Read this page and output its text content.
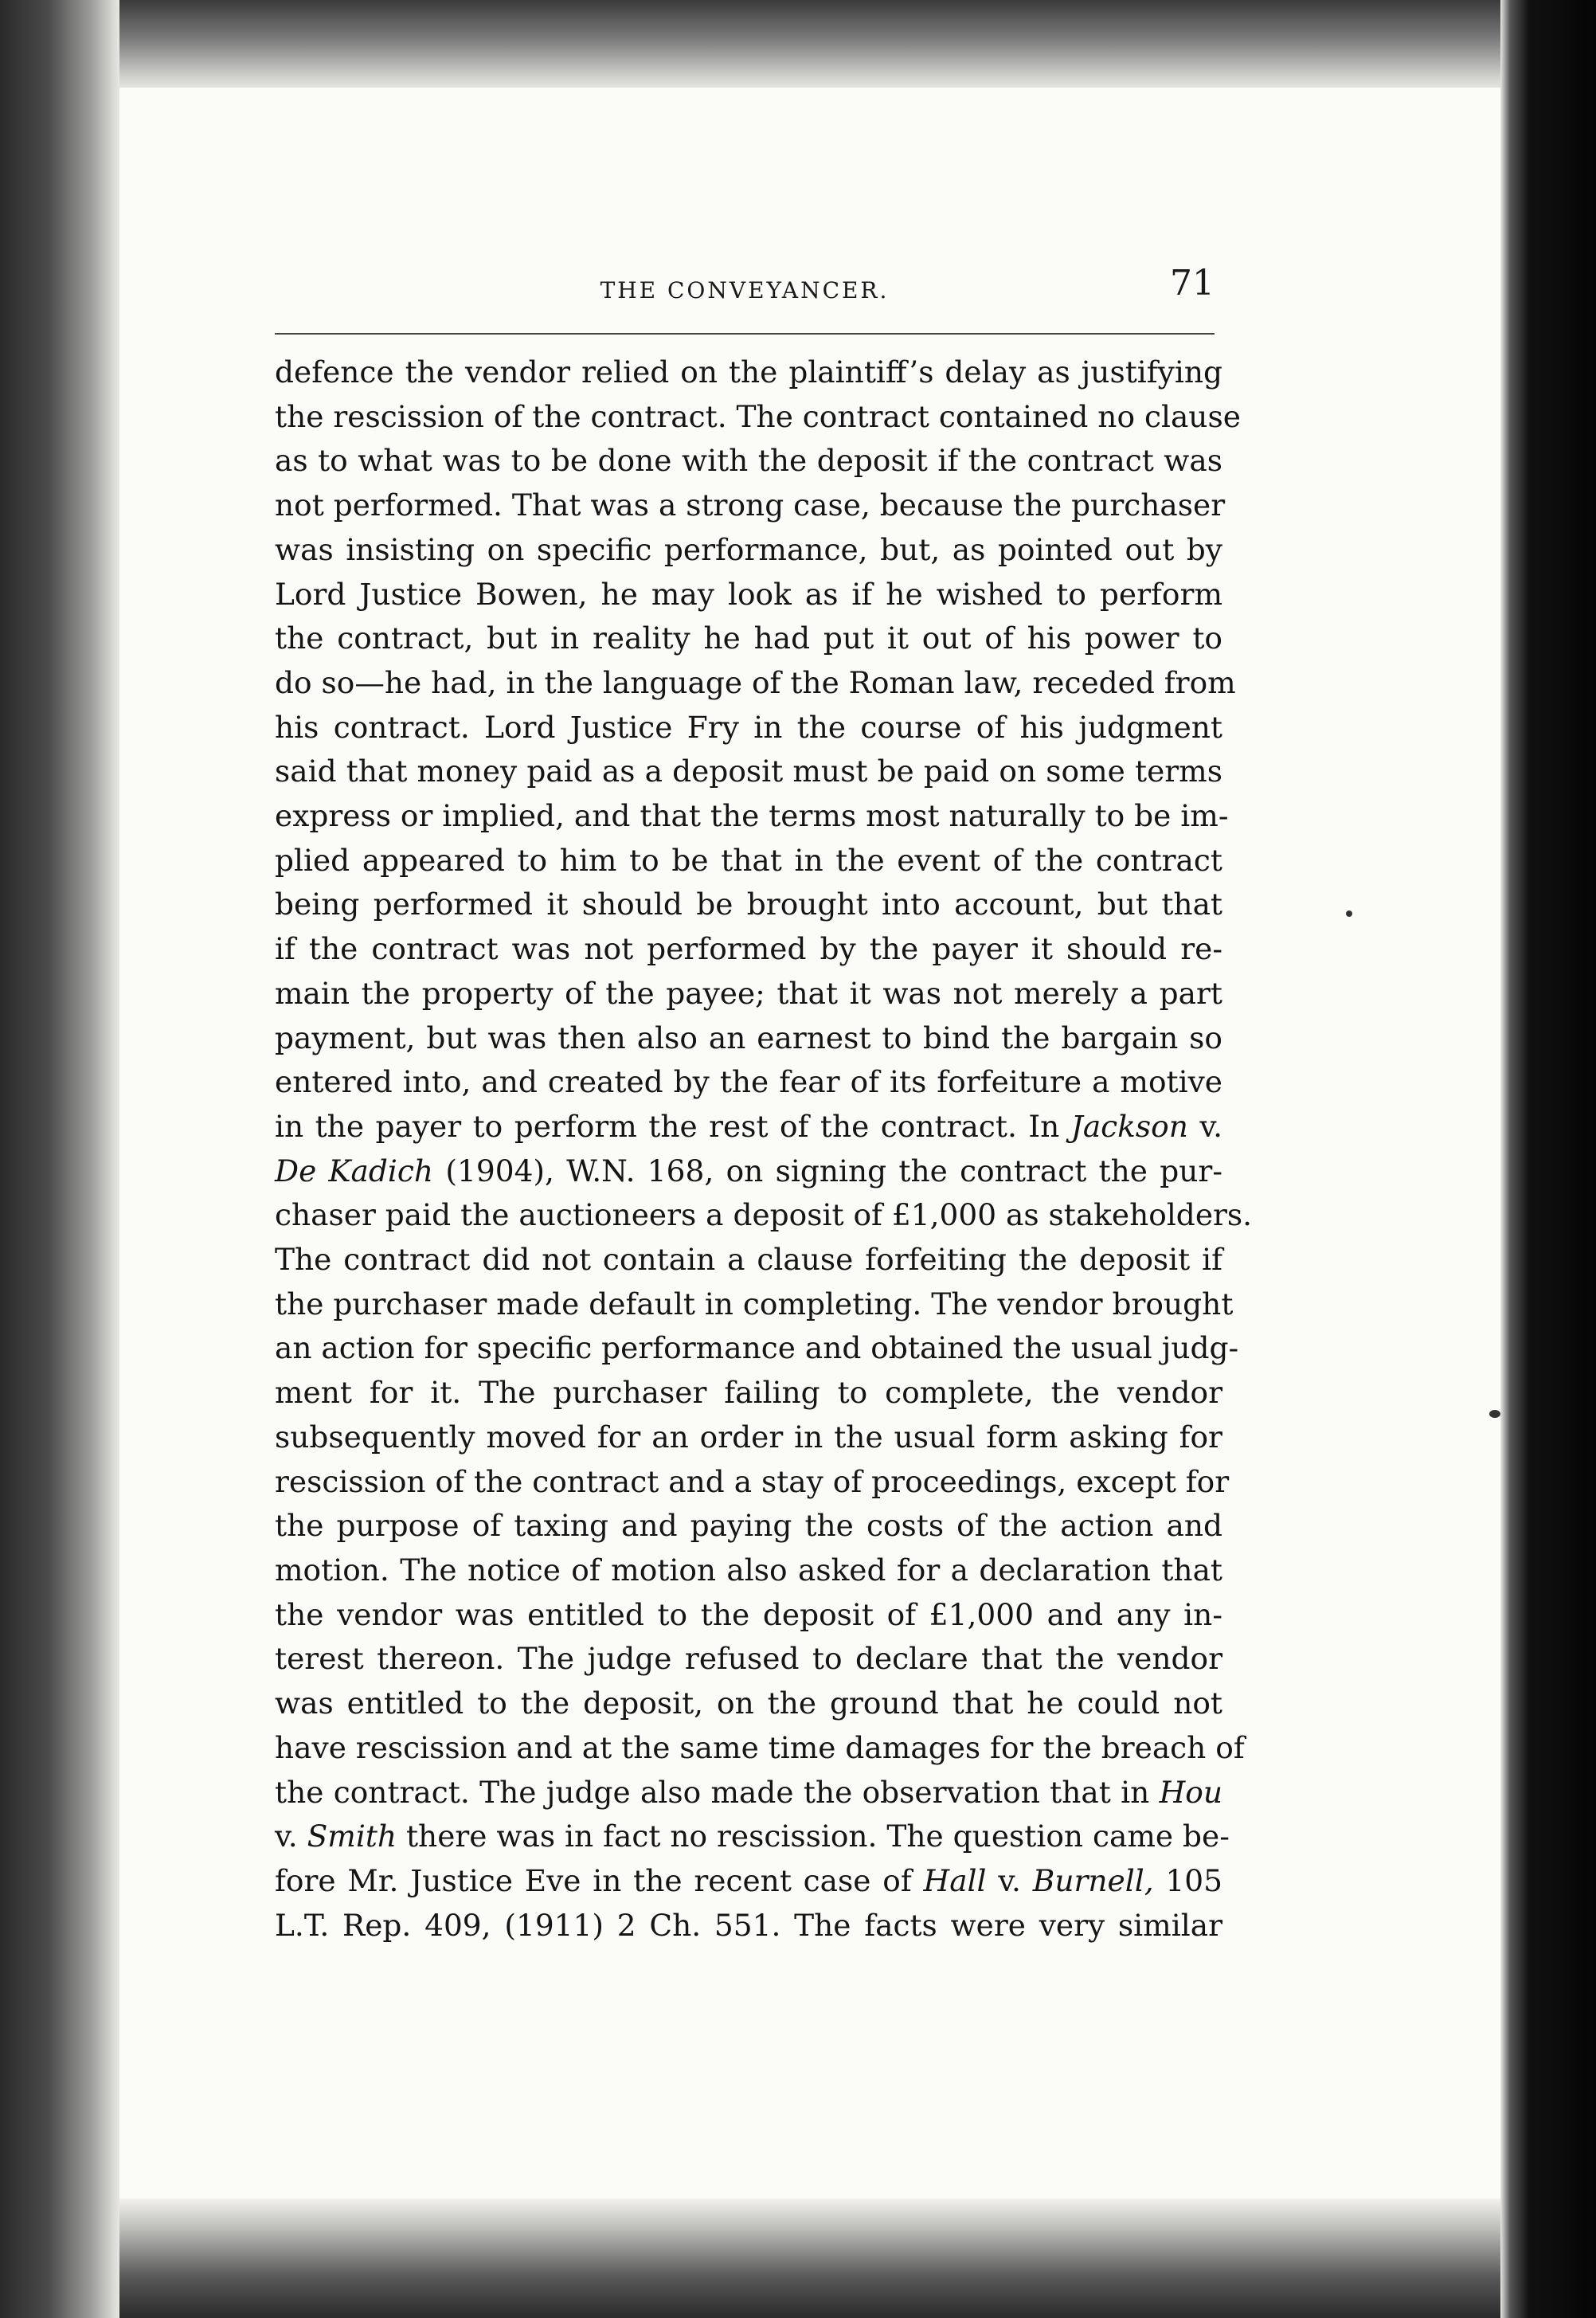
THE CONVEYANCER.	71
defence the vendor relied on the plaintiff’s delay as justifying
the rescission of the contract. The contract contained no clause
as to what was to be done with the deposit if the contract was
not performed. That was a strong case, because the purchaser
was insisting on specific performance, but, as pointed out by
Lord Justice Bowen, he may look as if he wished to perform
the contract, but in reality he had put it out of his power to
do so—he had, in the language of the Roman law, receded from
his contract. Lord Justice Fry in the course of his judgment
said that money paid as a deposit must be paid on some terms
express or implied, and that the terms most naturally to be im-
plied appeared to him to be that in the event of the contract
being performed it should be brought into account, but that
if the contract was not performed by the payer it should re-
main the property of the payee; that it was not merely a part
payment, but was then also an earnest to bind the bargain so
entered into, and created by the fear of its forfeiture a motive
in the payer to perform the rest of the contract. In Jackson v.
De Kadich (1904), W.N. 168, on signing the contract the pur-
chaser paid the auctioneers a deposit of £1,000 as stakeholders.
The contract did not contain a clause forfeiting the deposit if
the purchaser made default in completing. The vendor brought
an action for specific performance and obtained the usual judg-
ment for it. The purchaser failing to complete, the vendor
subsequently moved for an order in the usual form asking for
rescission of the contract and a stay of proceedings, except for
the purpose of taxing and paying the costs of the action and
motion. The notice of motion also asked for a declaration that
the vendor was entitled to the deposit of £1,000 and any in-
terest thereon. The judge refused to declare that the vendor
was entitled to the deposit, on the ground that he could not
have rescission and at the same time damages for the breach of
the contract. The judge also made the observation that in Hou
v. Smith there was in fact no rescission. The question came be-
fore Mr. Justice Eve in the recent case of Hall v. Burnell, 105
L.T. Rep. 409, (1911) 2 Ch. 551. The facts were very similar
